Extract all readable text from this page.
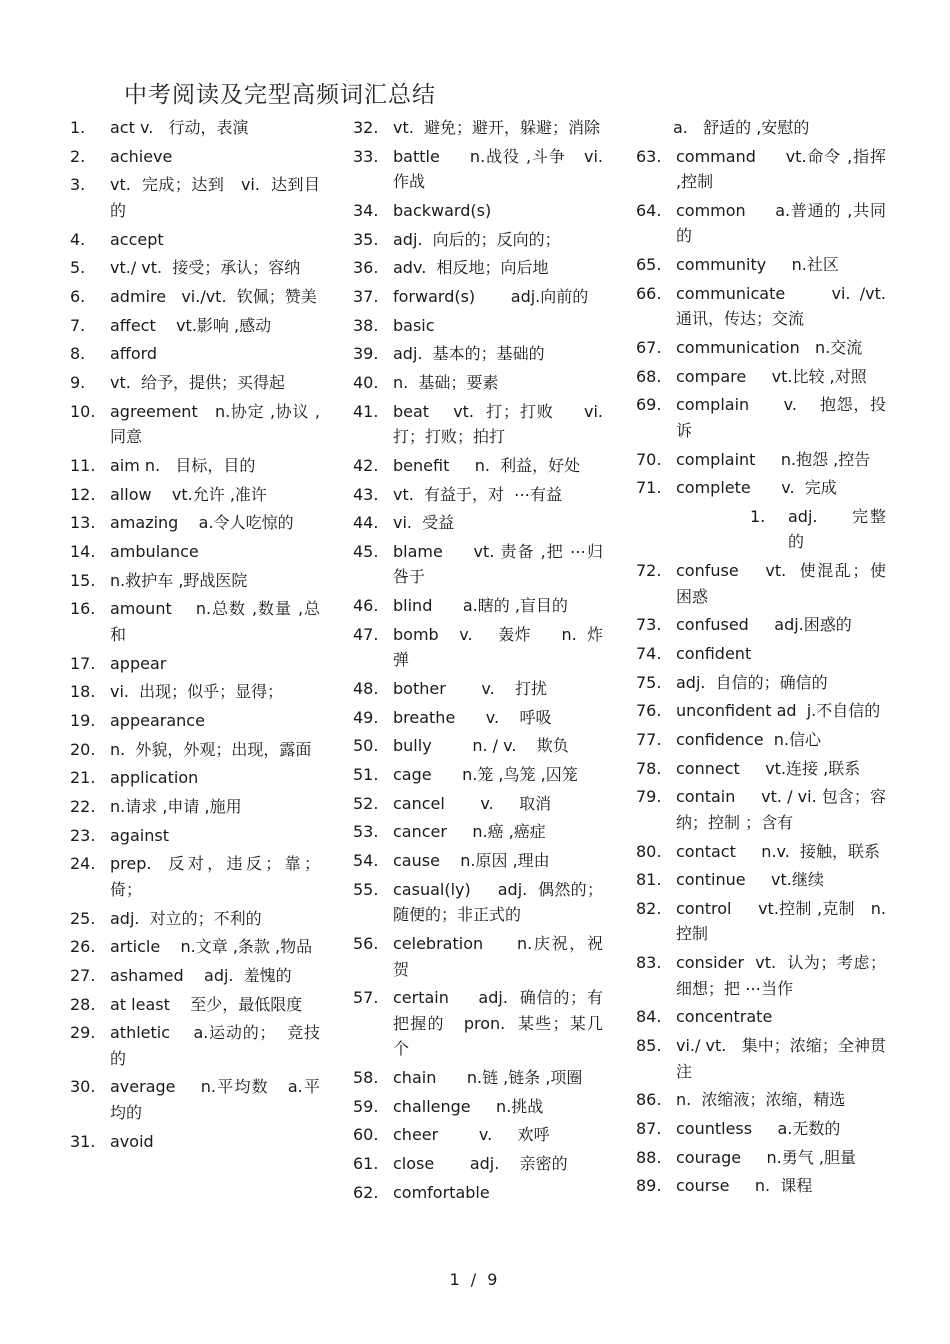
中考阅读及完型高频词汇总结
1.	act v.   行动，表演
2.	achieve
3.	vt.  完成；达到   vi.  达到目的
4.	accept
5.	vt./ vt.  接受；承认；容纳
6.	admire   vi./vt.  钦佩；赞美
7.	affect    vt.影响 ,感动
8.	afford
9.	vt.  给予，提供；买得起
10. agreement   n.协定 ,协议 ,同意
11. aim n.   目标，目的
12. allow    vt.允许 ,准许
13. amazing    a.令人吃惊的
14. ambulance
15. n.救护车 ,野战医院
16. amount    n.总数 ,数量 ,总和
17. appear
18. vi.  出现；似乎；显得；
19. appearance
20. n.  外貌，外观；出现，露面
21. application
22. n.请求 ,申请 ,施用
23. against
24. prep.  反对，违反；靠；倚；
25. adj.  对立的；不利的
26. article    n.文章 ,条款 ,物品
27. ashamed    adj.  羞愧的
28. at least    至少，最低限度
29. athletic    a.运动的；  竞技的
30. average    n.平均数   a.平均的
31. avoid
32. vt.  避免；避开，躲避；消除
33. battle     n.战役 ,斗争   vi.作战
34. backward(s)
35. adj.  向后的；反向的；
36. adv.  相反地；向后地
37. forward(s)       adj.向前的
38. basic
39. adj.  基本的；基础的
40. n.  基础；要素
41. beat    vt.  打；打败     vi.打；打败；拍打
42. benefit     n.  利益，好处
43. vt.  有益于，对  ⋯有益
44. vi.  受益
45. blame     vt. 责备 ,把 ⋯归咎于
46. blind      a.瞎的 ,盲目的
47. bomb    v.     轰炸      n.  炸弹
48. bother       v.    打扰
49. breathe      v.    呼吸
50. bully        n. / v.    欺负
51. cage      n.笼 ,鸟笼 ,囚笼
52. cancel       v.     取消
53. cancer     n.癌 ,癌症
54. cause    n.原因 ,理由
55. casual(ly)     adj.  偶然的；随便的；非正式的
56. celebration     n.庆祝，祝贺
57. certain     adj.  确信的；有把握的   pron.  某些；某几个
58. chain      n.链 ,链条 ,项圈
59. challenge     n.挑战
60. cheer        v.     欢呼
61. close       adj.    亲密的
62. comfortable
a.   舒适的 ,安慰的
63. command     vt.命令 ,指挥 ,控制
64. common     a.普通的 ,共同的
65. community     n.社区
66. communicate     vi. /vt.   通讯，传达；交流
67. communication   n.交流
68. compare     vt.比较 ,对照
69. complain      v.    抱怨，投诉
70. complaint     n.抱怨 ,控告
71. complete      v.  完成
1.	adj.     完整的
72. confuse    vt.  使混乱；使困惑
73. confused     adj.困惑的
74. confident
75. adj.  自信的；确信的
76. unconfident ad  j.不自信的
77. confidence  n.信心
78. connect     vt.连接 ,联系
79. contain     vt. / vi. 包含；容纳；控制 ；含有
80. contact     n.v.  接触，联系
81. continue     vt.继续
82. control     vt.控制 ,克制   n.控制
83. consider  vt.  认为；考虑；细想；把 ⋯当作
84. concentrate
85. vi./ vt.   集中；浓缩；全神贯注
86. n.  浓缩液；浓缩，精选
87. countless     a.无数的
88. courage     n.勇气 ,胆量
89. course     n.  课程
1 / 9
